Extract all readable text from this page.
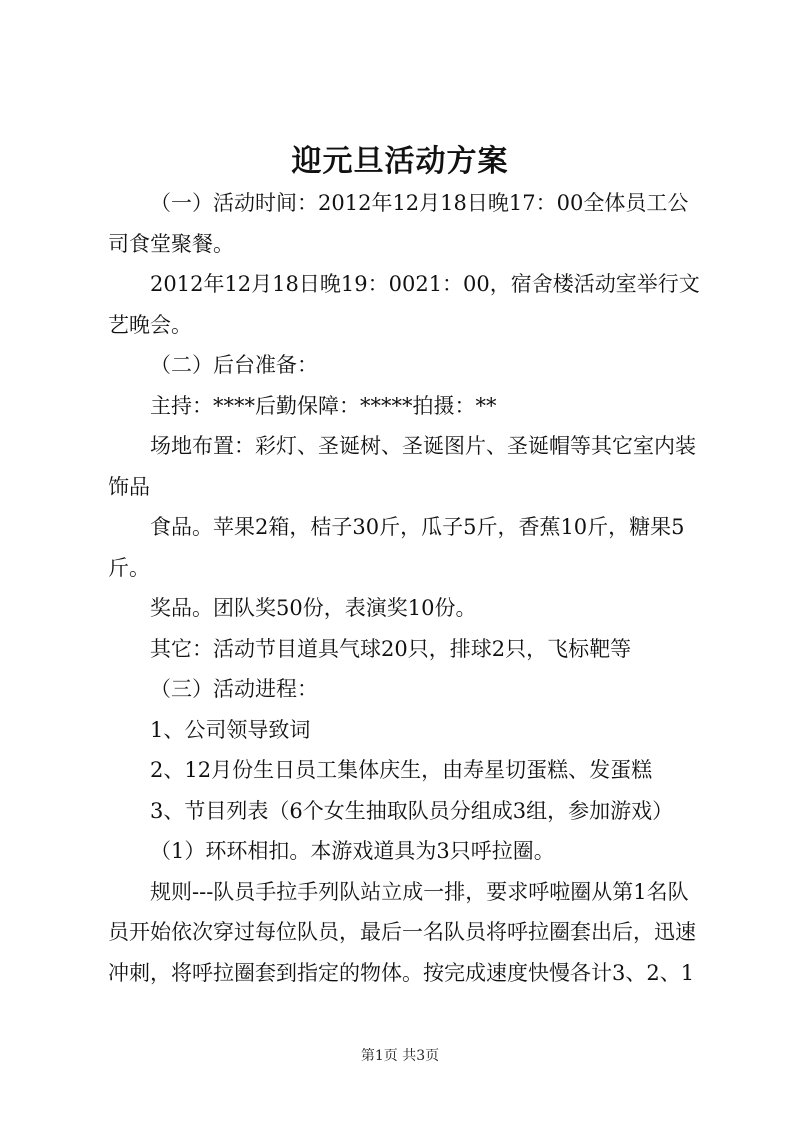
迎元旦活动方案

（一）活动时间：2012年12月18日晚17：00全体员工公司食堂聚餐。

2012年12月18日晚19：0021：00，宿舍楼活动室举行文艺晚会。

（二）后台准备：

主持：****后勤保障：*****拍摄：**

场地布置：彩灯、圣诞树、圣诞图片、圣诞帽等其它室内装饰品

食品。苹果2箱，桔子30斤，瓜子5斤，香蕉10斤，糖果5斤。

奖品。团队奖50份，表演奖10份。

其它：活动节目道具气球20只，排球2只，飞标靶等

（三）活动进程：

1、公司领导致词

2、12月份生日员工集体庆生，由寿星切蛋糕、发蛋糕

3、节目列表（6个女生抽取队员分组成3组，参加游戏）

（1）环环相扣。本游戏道具为3只呼拉圈。

规则---队员手拉手列队站立成一排，要求呼啦圈从第1名队员开始依次穿过每位队员，最后一名队员将呼拉圈套出后，迅速冲刺，将呼拉圈套到指定的物体。按完成速度快慢各计3、2、1

第1页 共3页
